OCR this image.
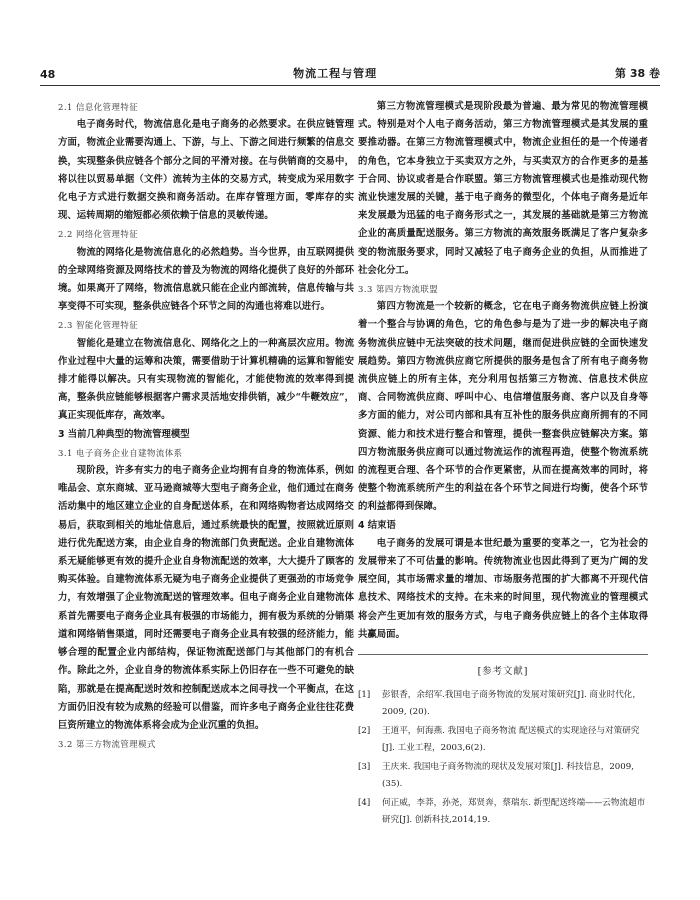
48	物流工程与管理	第 38 卷
2.1 信息化管理特征
电子商务时代，物流信息化是电子商务的必然要求。在供应链管理方面，物流企业需要沟通上、下游，与上、下游之间进行频繁的信息交换，实现整条供应链各个部分之间的平滑对接。在与供销商的交易中，将以往以贸易单据（文件）流转为主体的交易方式，转变成为采用数字化电子方式进行数据交换和商务活动。在库存管理方面，零库存的实现、运转周期的缩短都必须依赖于信息的灵敏传递。
2.2 网络化管理特征
物流的网络化是物流信息化的必然趋势。当今世界，由互联网提供的全球网络资源及网络技术的普及为物流的网络化提供了良好的外部环境。如果离开了网络，物流信息就只能在企业内部流转，信息传输与共享变得不可实现，整条供应链各个环节之间的沟通也将难以进行。
2.3 智能化管理特征
智能化是建立在物流信息化、网络化之上的一种高层次应用。物流作业过程中大量的运筹和决策，需要借助于计算机精确的运算和智能安排才能得以解决。只有实现物流的智能化，才能使物流的效率得到提高，整条供应链能够根据客户需求灵活地安排供销，减少“牛鞭效应”，真正实现低库存，高效率。
3 当前几种典型的物流管理模型
3.1 电子商务企业自建物流体系
现阶段，许多有实力的电子商务企业均拥有自身的物流体系，例如唯品会、京东商城、亚马逊商城等大型电子商务企业，他们通过在商务活动集中的地区建立企业的自身配送体系，在和网络购物者达成网络交易后，获取到相关的地址信息后，通过系统最快的配置，按照就近原则进行优先配送方案，由企业自身的物流部门负责配送。企业自建物流体系无疑能够更有效的提升企业自身物流配送的效率，大大提升了顾客的购买体验。自建物流体系无疑为电子商务企业提供了更强劲的市场竞争力，有效增强了企业物流配送的管理效率。但电子商务企业自建物流体系首先需要电子商务企业具有极强的市场能力，拥有极为系统的分销渠道和网络销售渠道，同时还需要电子商务企业具有较强的经济能力，能够合理的配置企业内部结构，保证物流配送部门与其他部门的有机合作。除此之外，企业自身的物流体系实际上仍旧存在一些不可避免的缺陷，那就是在提高配送时效和控制配送成本之间寻找一个平衡点，在这方面仍旧没有较为成熟的经验可以借鉴，而许多电子商务企业往往花费巨资所建立的物流体系将会成为企业沉重的负担。
3.2 第三方物流管理模式
第三方物流管理模式是现阶段最为普遍、最为常见的物流管理模式。特别是对个人电子商务活动，第三方物流管理模式是其发展的重要推动器。在第三方物流管理模式中，物流企业担任的是一个传递者的角色，它本身独立于买卖双方之外，与买卖双方的合作更多的是基于合同、协议或者是合作联盟。第三方物流管理模式也是推动现代物流业快速发展的关键，基于电子商务的微型化，个体电子商务是近年来发展最为迅猛的电子商务形式之一，其发展的基础就是第三方物流企业的高质量配送服务。第三方物流的高效服务既满足了客户复杂多变的物流服务要求，同时又减轻了电子商务企业的负担，从而推进了社会化分工。
3.3 第四方物流联盟
第四方物流是一个较新的概念，它在电子商务物流供应链上扮演着一个整合与协调的角色，它的角色参与是为了进一步的解决电子商务物流供应链中无法突破的技术问题，继而促进供应链的全面快速发展趋势。第四方物流供应商它所提供的服务是包含了所有电子商务物流供应链上的所有主体，充分利用包括第三方物流、信息技术供应商、合同物流供应商、呼叫中心、电信增值服务商、客户以及自身等多方面的能力，对公司内部和具有互补性的服务供应商所拥有的不同资源、能力和技术进行整合和管理，提供一整套供应链解决方案。第四方物流服务供应商可以通过物流运作的流程再造，使整个物流系统的流程更合理、各个环节的合作更紧密，从而在提高效率的同时，将使整个物流系统所产生的利益在各个环节之间进行均衡，使各个环节的利益都得到保障。
4 结束语
电子商务的发展可谓是本世纪最为重要的变革之一，它为社会的发展带来了不可估量的影响。传统物流业也因此得到了更为广阔的发展空间，其市场需求量的增加、市场服务范围的扩大都离不开现代信息技术、网络技术的支持。在未来的时间里，现代物流业的管理模式将会产生更加有效的服务方式，与电子商务供应链上的各个主体取得共赢局面。
[参考文献]
[1]	彭银香，余绍军.我国电子商务物流的发展对策研究[J]. 商业时代化，2009, (20).
[2]	王道平，何海燕. 我国电子商务物流 配送模式的实现途径与对策研究[J]. 工业工程，2003,6(2).
[3]	王庆来. 我国电子商务物流的现状及发展对策[J]. 科技信息，2009,(35).
[4]	何正威，李莽，孙尧，郑贤奔，蔡瑞东. 新型配送终端——云物流超市研究[J]. 创新科技,2014,19.
